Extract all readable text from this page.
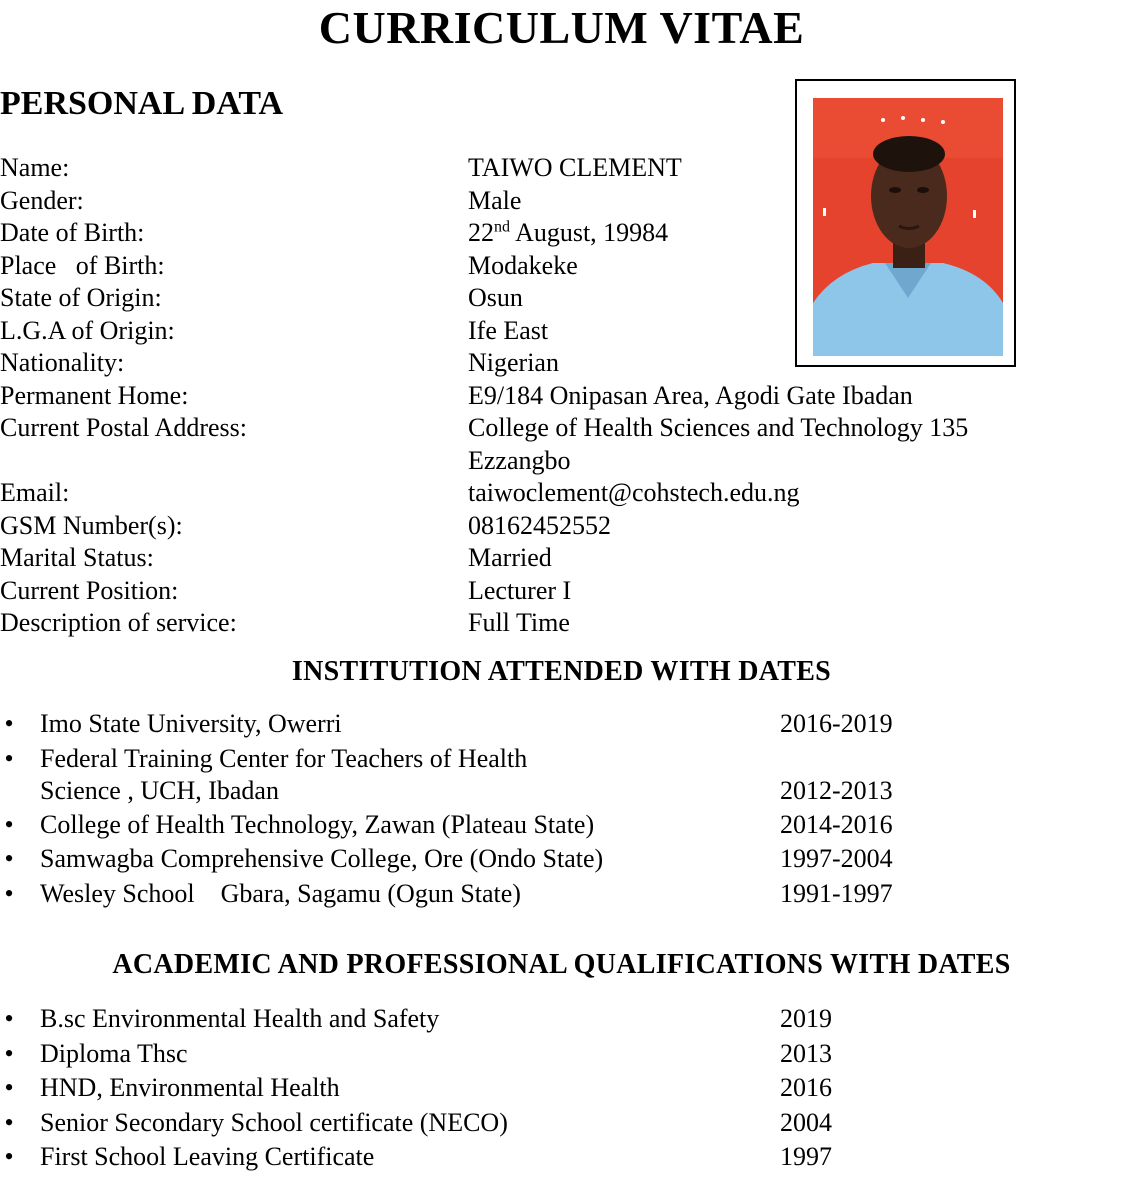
CURRICULUM VITAE
PERSONAL DATA
Name:	TAIWO CLEMENT
Gender:	Male
Date of Birth:	22nd August, 19984
Place   of Birth:	Modakeke
State of Origin:	Osun
L.G.A of Origin:	Ife East
Nationality:	Nigerian
Permanent Home:	E9/184 Onipasan Area, Agodi Gate Ibadan
Current Postal Address:	College of Health Sciences and Technology 135 Ezzangbo
Email:	taiwoclement@cohstech.edu.ng
GSM Number(s):	08162452552
Marital Status:	Married
Current Position:	Lecturer I
Description of service:	Full Time
INSTITUTION ATTENDED WITH DATES
• Imo State University, Owerri	2016-2019
• Federal Training Center for Teachers of Health Science , UCH, Ibadan	2012-2013
• College of Health Technology, Zawan (Plateau State)	2014-2016
• Samwagba Comprehensive College, Ore (Ondo State)	1997-2004
• Wesley School    Gbara, Sagamu (Ogun State)	1991-1997
ACADEMIC AND PROFESSIONAL QUALIFICATIONS WITH DATES
• B.sc Environmental Health and Safety	2019
• Diploma Thsc	2013
• HND, Environmental Health	2016
• Senior Secondary School certificate (NECO)	2004
• First School Leaving Certificate	1997
